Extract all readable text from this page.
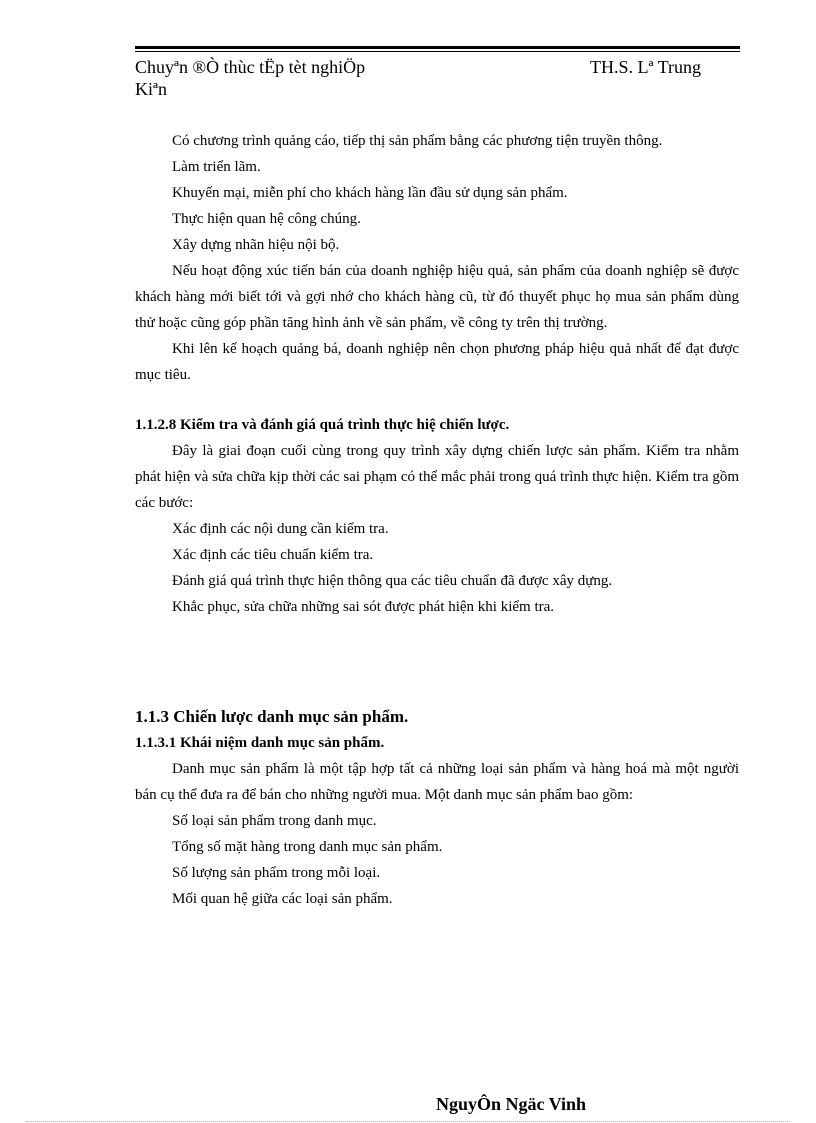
Chuyªn ®Ò thùc tËp tèt nghiÖp
Kiªn
TH.S. Lª Trung

Có chương trình quảng cáo, tiếp thị sản phẩm bằng các phương tiện truyền thông.

Làm triển lãm.

Khuyến mại, miễn phí cho khách hàng lần đầu sử dụng sản phẩm.

Thực hiện quan hệ công chúng.

Xây dựng nhãn hiệu nội bộ.

Nếu hoạt động xúc tiến bán của doanh nghiệp hiệu quả, sản phẩm của doanh nghiệp sẽ được khách hàng mới biết tới và gợi nhớ cho khách hàng cũ, từ đó thuyết phục họ mua sản phẩm dùng thử hoặc cũng góp phần tăng hình ảnh về sản phẩm, về công ty trên thị trường.

Khi lên kế hoạch quảng bá, doanh nghiệp nên chọn phương pháp hiệu quả nhất để đạt được mục tiêu.

1.1.2.8 Kiểm tra và đánh giá quá trình thực hiệ chiến lược.

Đây là giai đoạn cuối cùng trong quy trình xây dựng chiến lược sản phẩm. Kiểm tra nhằm phát hiện và sửa chữa kịp thời các sai phạm có thể mắc phải trong quá trình thực hiện. Kiểm tra gồm các bước:

Xác định các nội dung cần kiểm tra.

Xác định các tiêu chuẩn kiểm tra.

Đánh giá quá trình thực hiện thông qua các tiêu chuẩn đã được xây dựng.

Khắc phục, sửa chữa những sai sót được phát hiện khi kiểm tra.

1.1.3 Chiến lược danh mục sản phẩm.

1.1.3.1 Khái niệm danh mục sản phẩm.

Danh mục sản phẩm là một tập hợp tất cả những loại sản phẩm và hàng hoá mà một người bán cụ thể đưa ra để bán cho những người mua. Một danh mục sản phẩm bao gồm:

Số loại sản phẩm trong danh mục.

Tổng số mặt hàng trong danh mục sản phẩm.

Số lượng sản phẩm trong mỗi loại.

Mối quan hệ giữa các loại sản phẩm.

NguyÔn Ngäc Vinh
